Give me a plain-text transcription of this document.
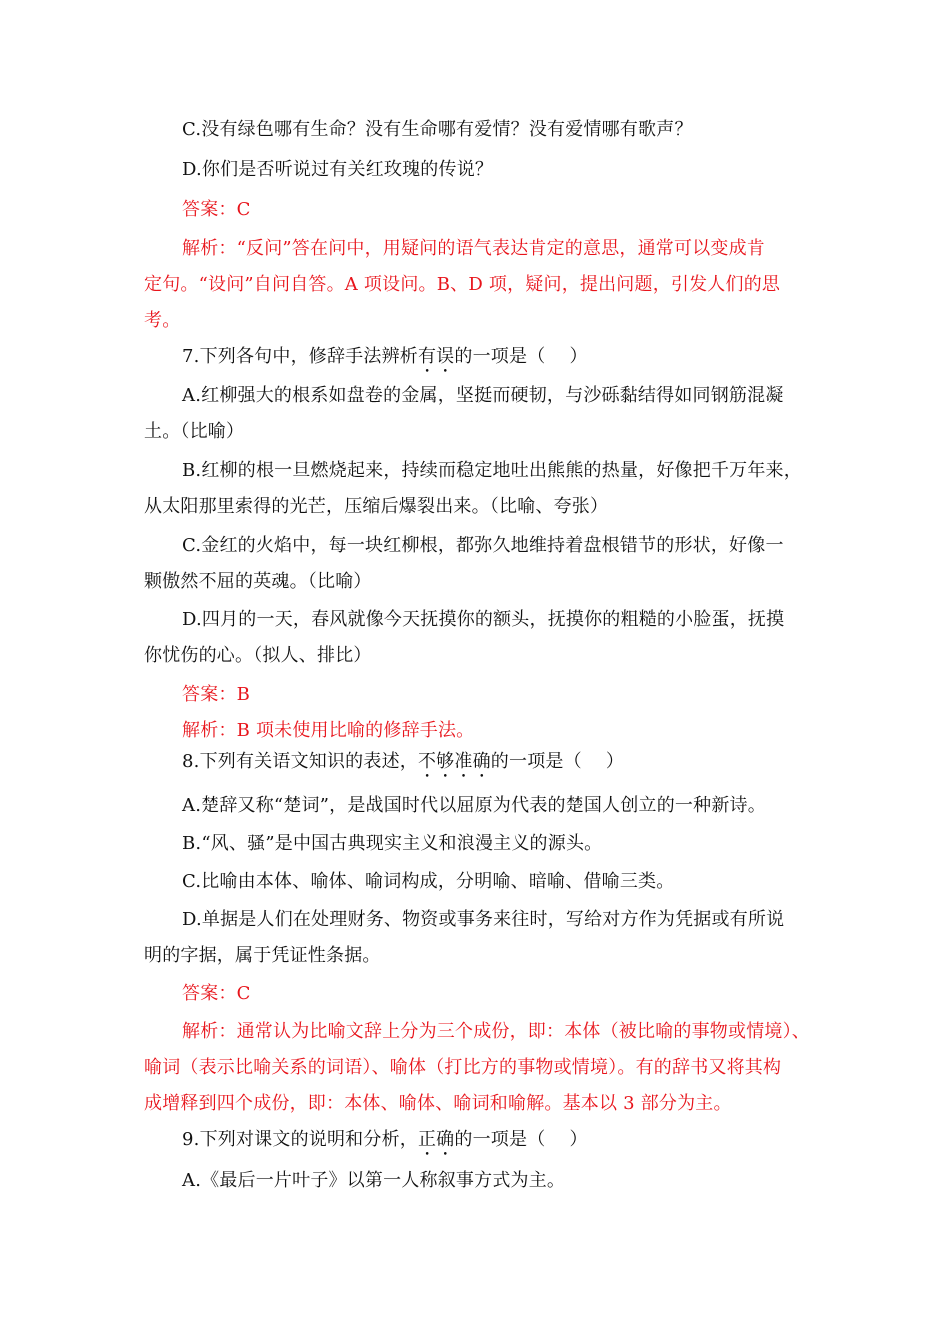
C.没有绿色哪有生命？没有生命哪有爱情？没有爱情哪有歌声？
D.你们是否听说过有关红玫瑰的传说？
答案：C
解析：“反问”答在问中，用疑问的语气表达肯定的意思，通常可以变成肯
定句。“设问”自问自答。A 项设问。B、D 项，疑问，提出问题，引发人们的思
考。
7.下列各句中，修辞手法辨析有误的一项是（　 ）
A.红柳强大的根系如盘卷的金属，坚挺而硬韧，与沙砾黏结得如同钢筋混凝
土。（比喻）
B.红柳的根一旦燃烧起来，持续而稳定地吐出熊熊的热量，好像把千万年来，
从太阳那里索得的光芒，压缩后爆裂出来。（比喻、夸张）
C.金红的火焰中，每一块红柳根，都弥久地维持着盘根错节的形状，好像一
颗傲然不屈的英魂。（比喻）
D.四月的一天，春风就像今天抚摸你的额头，抚摸你的粗糙的小脸蛋，抚摸
你忧伤的心。（拟人、排比）
答案：B
解析：B 项未使用比喻的修辞手法。
8.下列有关语文知识的表述，不够准确的一项是（　 ）
A.楚辞又称“楚词”，是战国时代以屈原为代表的楚国人创立的一种新诗。
B.“风、骚”是中国古典现实主义和浪漫主义的源头。
C.比喻由本体、喻体、喻词构成，分明喻、暗喻、借喻三类。
D.单据是人们在处理财务、物资或事务来往时，写给对方作为凭据或有所说
明的字据，属于凭证性条据。
答案：C
解析：通常认为比喻文辞上分为三个成份，即：本体（被比喻的事物或情境）、
喻词（表示比喻关系的词语）、喻体（打比方的事物或情境）。有的辞书又将其构
成增释到四个成份，即：本体、喻体、喻词和喻解。基本以 3 部分为主。
9.下列对课文的说明和分析，正确的一项是（　 ）
A.《最后一片叶子》以第一人称叙事方式为主。
